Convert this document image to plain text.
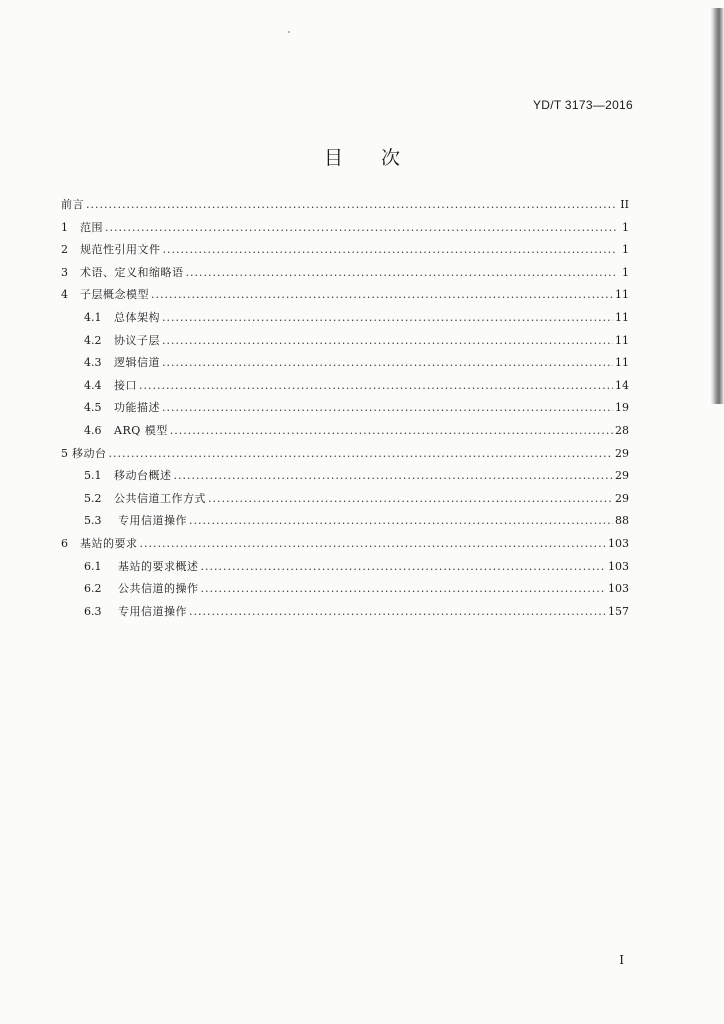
YD/T 3173—2016
目次
前言 .....	II
1	范围 .....	1
2	规范性引用文件 .....	1
3	术语、定义和缩略语 .....	1
4	子层概念模型 .....	11
4.1	总体架构 .....	11
4.2	协议子层 .....	11
4.3	逻辑信道 .....	11
4.4	接口 .....	14
4.5	功能描述 .....	19
4.6	ARQ 模型 .....	28
5 移动台 .....	29
5.1	移动台概述 .....	29
5.2	公共信道工作方式 .....	29
5.3	专用信道操作 .....	88
6	基站的要求 .....	103
6.1	基站的要求概述 .....	103
6.2	公共信道的操作 .....	103
6.3	专用信道操作 .....	157
I
